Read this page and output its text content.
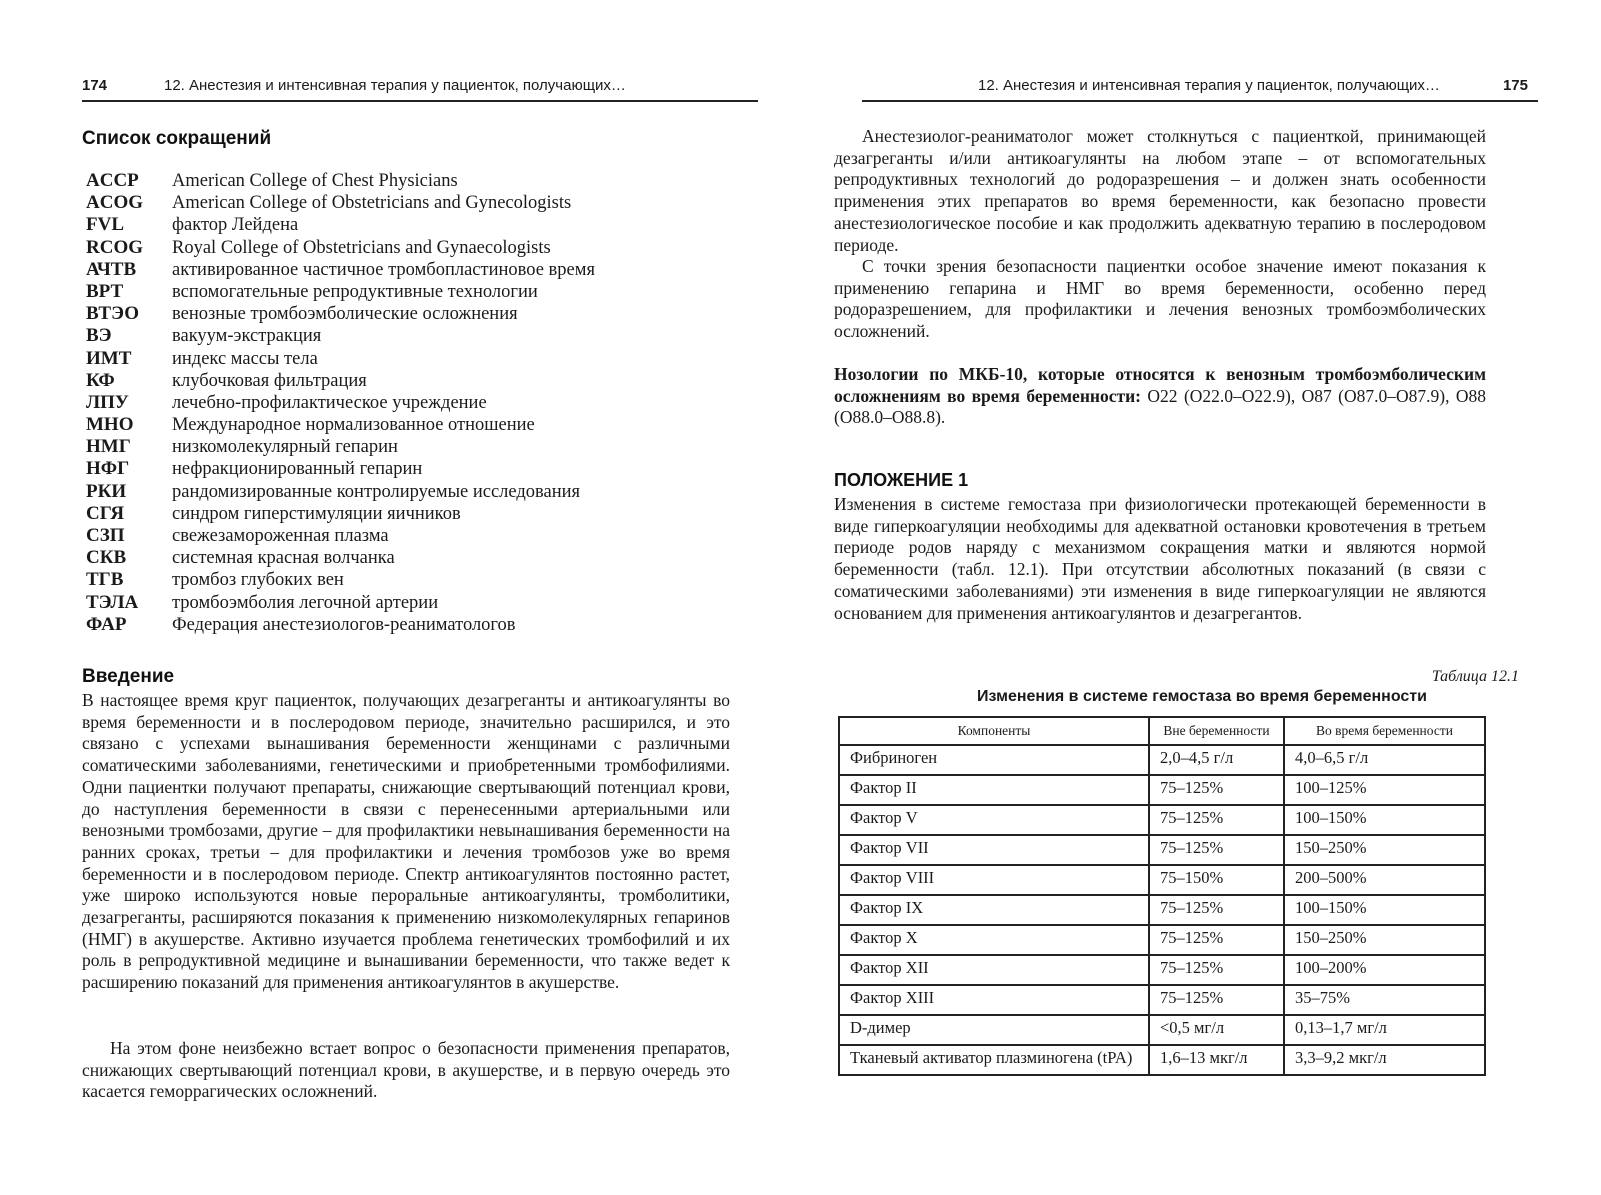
174	12. Анестезия и интенсивная терапия у пациенток, получающих…
Список сокращений
ACCP	American College of Chest Physicians
ACOG	American College of Obstetricians and Gynecologists
FVL	фактор Лейдена
RCOG	Royal College of Obstetricians and Gynaecologists
АЧТВ	активированное частичное тромбопластиновое время
ВРТ	вспомогательные репродуктивные технологии
ВТЭО	венозные тромбоэмболические осложнения
ВЭ	вакуум-экстракция
ИМТ	индекс массы тела
КФ	клубочковая фильтрация
ЛПУ	лечебно-профилактическое учреждение
МНО	Международное нормализованное отношение
НМГ	низкомолекулярный гепарин
НФГ	нефракционированный гепарин
РКИ	рандомизированные контролируемые исследования
СГЯ	синдром гиперстимуляции яичников
СЗП	свежезамороженная плазма
СКВ	системная красная волчанка
ТГВ	тромбоз глубоких вен
ТЭЛА	тромбоэмболия легочной артерии
ФАР	Федерация анестезиологов-реаниматологов
Введение

В настоящее время круг пациенток, получающих дезагреганты и антикоагулянты во время беременности и в послеродовом периоде, значительно расширился, и это связано с успехами вынашивания беременности женщинами с различными соматическими заболеваниями, генетическими и приобретенными тромбофилиями. Одни пациентки получают препараты, снижающие свертывающий потенциал крови, до наступления беременности в связи с перенесенными артериальными или венозными тромбозами, другие – для профилактики невынашивания беременности на ранних сроках, третьи – для профилактики и лечения тромбозов уже во время беременности и в послеродовом периоде. Спектр антикоагулянтов постоянно растет, уже широко используются новые пероральные антикоагулянты, тромболитики, дезагреганты, расширяются показания к применению низкомолекулярных гепаринов (НМГ) в акушерстве. Активно изучается проблема генетических тромбофилий и их роль в репродуктивной медицине и вынашивании беременности, что также ведет к расширению показаний для применения антикоагулянтов в акушерстве.

На этом фоне неизбежно встает вопрос о безопасности применения препаратов, снижающих свертывающий потенциал крови, в акушерстве, и в первую очередь это касается геморрагических осложнений.

12. Анестезия и интенсивная терапия у пациенток, получающих…	175

Анестезиолог-реаниматолог может столкнуться с пациенткой, принимающей дезагреганты и/или антикоагулянты на любом этапе – от вспомогательных репродуктивных технологий до родоразрешения – и должен знать особенности применения этих препаратов во время беременности, как безопасно провести анестезиологическое пособие и как продолжить адекватную терапию в послеродовом периоде.

С точки зрения безопасности пациентки особое значение имеют показания к применению гепарина и НМГ во время беременности, особенно перед родоразрешением, для профилактики и лечения венозных тромбоэмболических осложнений.

Нозологии по МКБ-10, которые относятся к венозным тромбоэмболическим осложнениям во время беременности: O22 (O22.0–O22.9), O87 (O87.0–O87.9), O88 (O88.0–O88.8).

ПОЛОЖЕНИЕ 1

Изменения в системе гемостаза при физиологически протекающей беременности в виде гиперкоагуляции необходимы для адекватной остановки кровотечения в третьем периоде родов наряду с механизмом сокращения матки и являются нормой беременности (табл. 12.1). При отсутствии абсолютных показаний (в связи с соматическими заболеваниями) эти изменения в виде гиперкоагуляции не являются основанием для применения антикоагулянтов и дезагрегантов.

Таблица 12.1
Изменения в системе гемостаза во время беременности
Компоненты	Вне беременности	Во время беременности
Фибриноген	2,0–4,5 г/л	4,0–6,5 г/л
Фактор II	75–125%	100–125%
Фактор V	75–125%	100–150%
Фактор VII	75–125%	150–250%
Фактор VIII	75–150%	200–500%
Фактор IX	75–125%	100–150%
Фактор X	75–125%	150–250%
Фактор XII	75–125%	100–200%
Фактор XIII	75–125%	35–75%
D-димер	<0,5 мг/л	0,13–1,7 мг/л
Тканевый активатор плазминогена (tPA)	1,6–13 мкг/л	3,3–9,2 мкг/л
